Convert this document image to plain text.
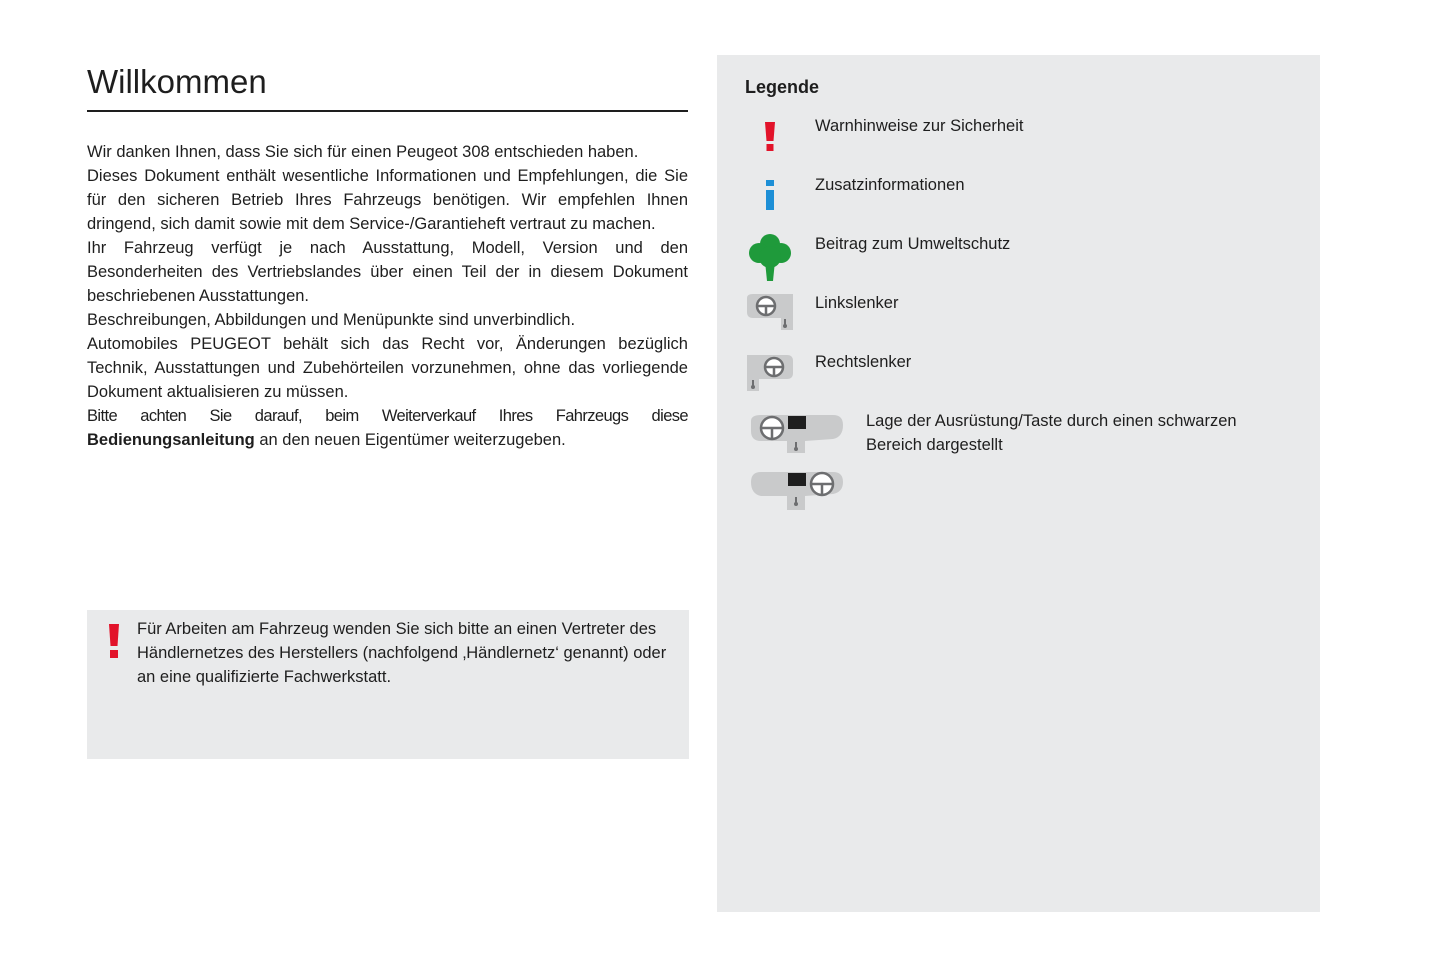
Willkommen

Wir danken Ihnen, dass Sie sich für einen Peugeot 308 entschieden haben.

Dieses Dokument enthält wesentliche Informationen und Empfehlungen, die Sie für den sicheren Betrieb Ihres Fahrzeugs benötigen. Wir empfehlen Ihnen dringend, sich damit sowie mit dem Service-/Garantieheft vertraut zu machen.

Ihr Fahrzeug verfügt je nach Ausstattung, Modell, Version und den Besonderheiten des Vertriebslandes über einen Teil der in diesem Dokument beschriebenen Ausstattungen.

Beschreibungen, Abbildungen und Menüpunkte sind unverbindlich.

Automobiles PEUGEOT behält sich das Recht vor, Änderungen bezüglich Technik, Ausstattungen und Zubehörteilen vorzunehmen, ohne das vorliegende Dokument aktualisieren zu müssen.

Bitte achten Sie darauf, beim Weiterverkauf Ihres Fahrzeugs diese Bedienungsanleitung an den neuen Eigentümer weiterzugeben.

Für Arbeiten am Fahrzeug wenden Sie sich bitte an einen Vertreter des Händlernetzes des Herstellers (nachfolgend ‚Händlernetz‘ genannt) oder an eine qualifizierte Fachwerkstatt.
Legende
Warnhinweise zur Sicherheit
Zusatzinformationen
Beitrag zum Umweltschutz
Linkslenker
Rechtslenker
Lage der Ausrüstung/Taste durch einen schwarzen Bereich dargestellt
